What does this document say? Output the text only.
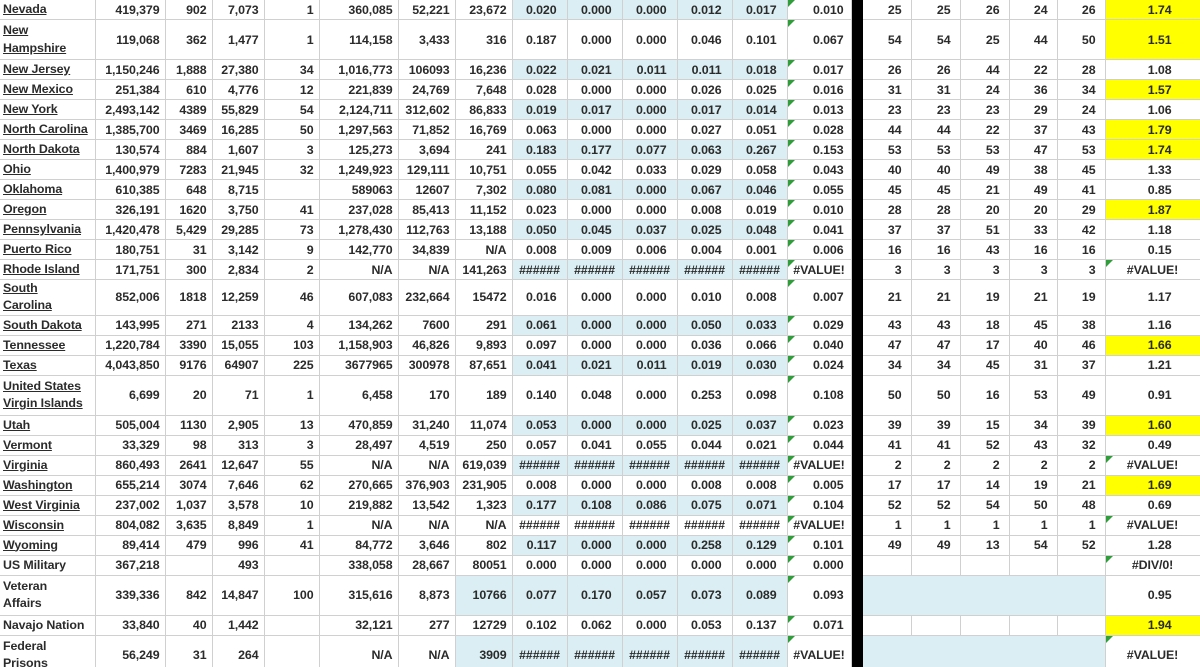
Nevada	419,379	902	7,073	1	360,085	52,221	23,672	0.020	0.000	0.000	0.012	0.017	0.010		25	25	26	24	26	1.74
New
Hampshire	119,068	362	1,477	1	114,158	3,433	316	0.187	0.000	0.000	0.046	0.101	0.067		54	54	25	44	50	1.51
New Jersey	1,150,246	1,888	27,380	34	1,016,773	106093	16,236	0.022	0.021	0.011	0.011	0.018	0.017		26	26	44	22	28	1.08
New Mexico	251,384	610	4,776	12	221,839	24,769	7,648	0.028	0.000	0.000	0.026	0.025	0.016		31	31	24	36	34	1.57
New York	2,493,142	4389	55,829	54	2,124,711	312,602	86,833	0.019	0.017	0.000	0.017	0.014	0.013		23	23	23	29	24	1.06
North Carolina	1,385,700	3469	16,285	50	1,297,563	71,852	16,769	0.063	0.000	0.000	0.027	0.051	0.028		44	44	22	37	43	1.79
North Dakota	130,574	884	1,607	3	125,273	3,694	241	0.183	0.177	0.077	0.063	0.267	0.153		53	53	53	47	53	1.74
Ohio	1,400,979	7283	21,945	32	1,249,923	129,111	10,751	0.055	0.042	0.033	0.029	0.058	0.043		40	40	49	38	45	1.33
Oklahoma	610,385	648	8,715		589063	12607	7,302	0.080	0.081	0.000	0.067	0.046	0.055		45	45	21	49	41	0.85
Oregon	326,191	1620	3,750	41	237,028	85,413	11,152	0.023	0.000	0.000	0.008	0.019	0.010		28	28	20	20	29	1.87
Pennsylvania	1,420,478	5,429	29,285	73	1,278,430	112,763	13,188	0.050	0.045	0.037	0.025	0.048	0.041		37	37	51	33	42	1.18
Puerto Rico	180,751	31	3,142	9	142,770	34,839	N/A	0.008	0.009	0.006	0.004	0.001	0.006		16	16	43	16	16	0.15
Rhode Island	171,751	300	2,834	2	N/A	N/A	141,263	######	######	######	######	######	#VALUE!		3	3	3	3	3	#VALUE!

South Carolina	852,006	1818	12,259	46	607,083	232,664	15472	0.016	0.000	0.000	0.010	0.008	0.007		21	21	19	21	19	1.17
South Dakota	143,995	271	2133	4	134,262	7600	291	0.061	0.000	0.000	0.050	0.033	0.029		43	43	18	45	38	1.16
Tennessee	1,220,784	3390	15,055	103	1,158,903	46,826	9,893	0.097	0.000	0.000	0.036	0.066	0.040		47	47	17	40	46	1.66
Texas	4,043,850	9176	64907	225	3677965	300978	87,651	0.041	0.021	0.011	0.019	0.030	0.024		34	34	45	31	37	1.21
United States
Virgin Islands	6,699	20	71	1	6,458	170	189	0.140	0.048	0.000	0.253	0.098	0.108		50	50	16	53	49	0.91
Utah	505,004	1130	2,905	13	470,859	31,240	11,074	0.053	0.000	0.000	0.025	0.037	0.023		39	39	15	34	39	1.60
Vermont	33,329	98	313	3	28,497	4,519	250	0.057	0.041	0.055	0.044	0.021	0.044		41	41	52	43	32	0.49
Virginia	860,493	2641	12,647	55	N/A	N/A	619,039	######	######	######	######	######	#VALUE!		2	2	2	2	2	#VALUE!

Washington	655,214	3074	7,646	62	270,665	376,903	231,905	0.008	0.000	0.000	0.008	0.008	0.005		17	17	14	19	21	1.69
West Virginia	237,002	1,037	3,578	10	219,882	13,542	1,323	0.177	0.108	0.086	0.075	0.071	0.104		52	52	54	50	48	0.69
Wisconsin	804,082	3,635	8,849	1	N/A	N/A	N/A	######	######	######	######	######	#VALUE!		1	1	1	1	1	#VALUE!

Wyoming	89,414	479	996	41	84,772	3,646	802	0.117	0.000	0.000	0.258	0.129	0.101		49	49	13	54	52	1.28
US Military	367,218		493		338,058	28,667	80051	0.000	0.000	0.000	0.000	0.000	0.000							#DIV/0!

Veteran
Affairs	339,336	842	14,847	100	315,616	8,873	10766	0.077	0.170	0.057	0.073	0.089	0.093							0.95
Navajo Nation	33,840	40	1,442		32,121	277	12729	0.102	0.062	0.000	0.053	0.137	0.071							1.94
Federal
Prisons	56,249	31	264		N/A	N/A	3909	######	######	######	######	######	#VALUE!							#VALUE!
